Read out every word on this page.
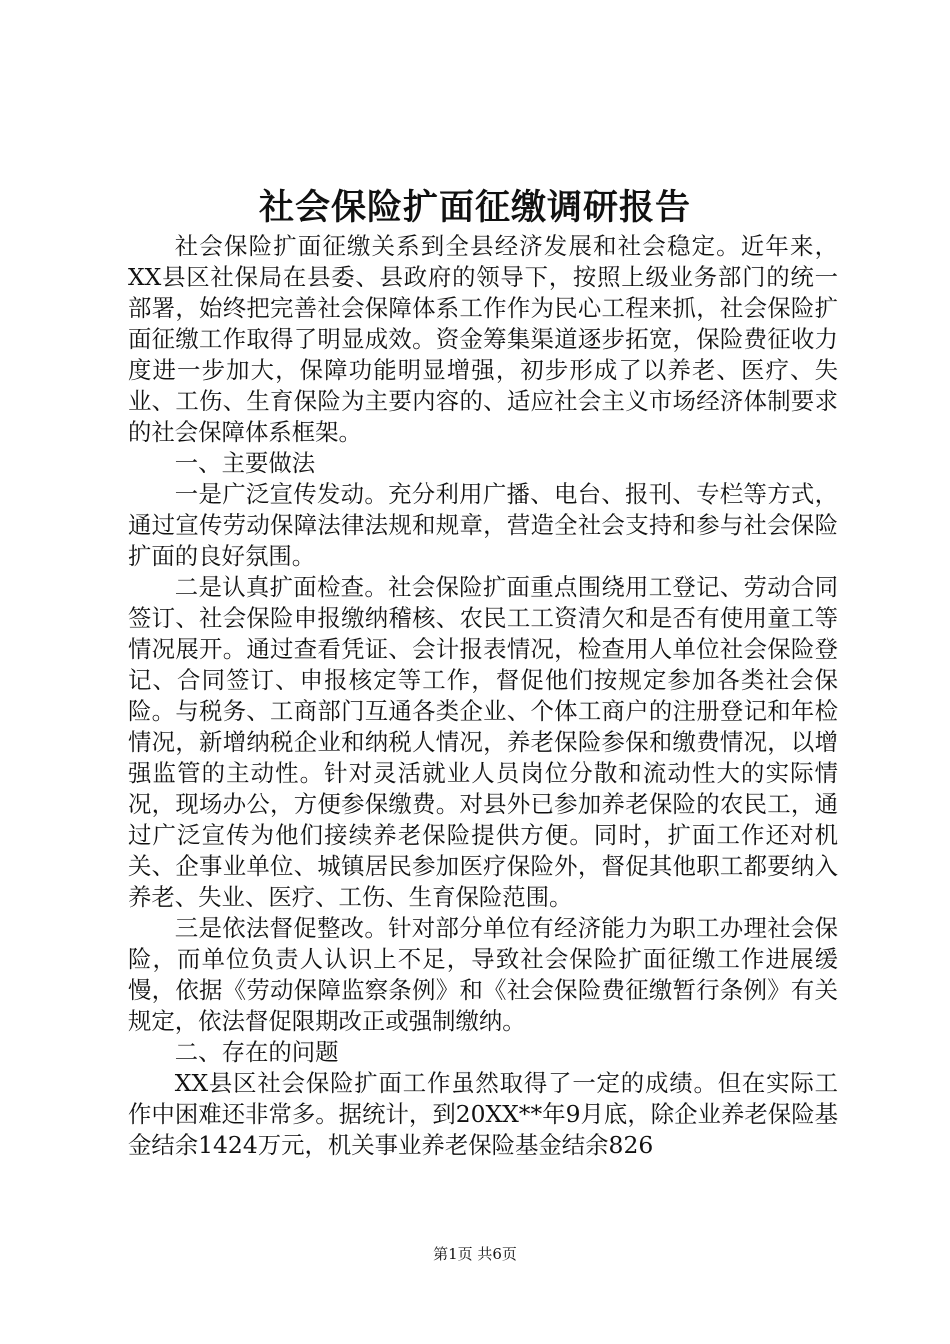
社会保险扩面征缴调研报告

社会保险扩面征缴关系到全县经济发展和社会稳定。近年来，XX县区社保局在县委、县政府的领导下，按照上级业务部门的统一部署，始终把完善社会保障体系工作作为民心工程来抓，社会保险扩面征缴工作取得了明显成效。资金筹集渠道逐步拓宽，保险费征收力度进一步加大，保障功能明显增强，初步形成了以养老、医疗、失业、工伤、生育保险为主要内容的、适应社会主义市场经济体制要求的社会保障体系框架。

一、主要做法

一是广泛宣传发动。充分利用广播、电台、报刊、专栏等方式，通过宣传劳动保障法律法规和规章，营造全社会支持和参与社会保险扩面的良好氛围。

二是认真扩面检查。社会保险扩面重点围绕用工登记、劳动合同签订、社会保险申报缴纳稽核、农民工工资清欠和是否有使用童工等情况展开。通过查看凭证、会计报表情况，检查用人单位社会保险登记、合同签订、申报核定等工作，督促他们按规定参加各类社会保险。与税务、工商部门互通各类企业、个体工商户的注册登记和年检情况，新增纳税企业和纳税人情况，养老保险参保和缴费情况，以增强监管的主动性。针对灵活就业人员岗位分散和流动性大的实际情况，现场办公，方便参保缴费。对县外已参加养老保险的农民工，通过广泛宣传为他们接续养老保险提供方便。同时，扩面工作还对机关、企事业单位、城镇居民参加医疗保险外，督促其他职工都要纳入养老、失业、医疗、工伤、生育保险范围。

三是依法督促整改。针对部分单位有经济能力为职工办理社会保险，而单位负责人认识上不足，导致社会保险扩面征缴工作进展缓慢，依据《劳动保障监察条例》和《社会保险费征缴暂行条例》有关规定，依法督促限期改正或强制缴纳。

二、存在的问题

XX县区社会保险扩面工作虽然取得了一定的成绩。但在实际工作中困难还非常多。据统计，到20XX**年9月底，除企业养老保险基金结余1424万元，机关事业养老保险基金结余826

第1页 共6页
